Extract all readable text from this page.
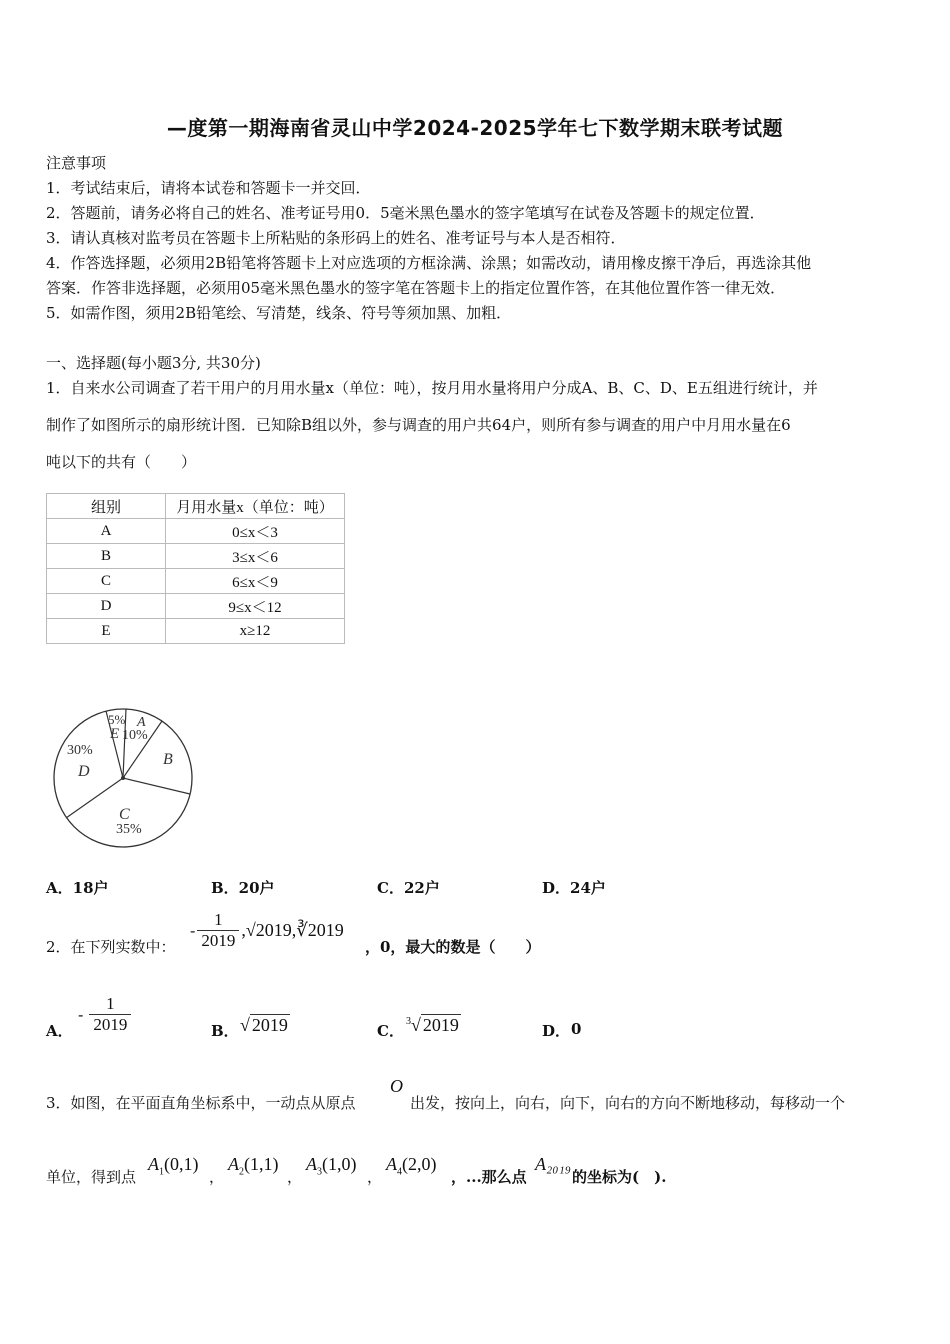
—度第一期海南省灵山中学2024-2025学年七下数学期末联考试题
注意事项
1．考试结束后，请将本试卷和答题卡一并交回．
2．答题前，请务必将自己的姓名、准考证号用0．5毫米黑色墨水的签字笔填写在试卷及答题卡的规定位置．
3．请认真核对监考员在答题卡上所粘贴的条形码上的姓名、准考证号与本人是否相符．
4．作答选择题，必须用2B铅笔将答题卡上对应选项的方框涂满、涂黑；如需改动，请用橡皮擦干净后，再选涂其他
答案．作答非选择题，必须用05毫米黑色墨水的签字笔在答题卡上的指定位置作答，在其他位置作答一律无效．
5．如需作图，须用2B铅笔绘、写清楚，线条、符号等须加黑、加粗．
一、选择题(每小题3分, 共30分)
1．自来水公司调查了若干用户的月用水量x（单位：吨），按月用水量将用户分成A、B、C、D、E五组进行统计，并
制作了如图所示的扇形统计图．已知除B组以外，参与调查的用户共64户，则所有参与调查的用户中月用水量在6
吨以下的共有（　　）
组别	月用水量x（单位：吨）
A	0≤x＜3
B	3≤x＜6
C	6≤x＜9
D	9≤x＜12
E	x≥12
5%
E
A
10%
B
C
35%
D
30%
A．18户	B．20户	C．22户	D．24户
2．在下列实数中：
- $\frac{1}{2019}$ ,√2019,∛2019
，0，最大的数是（　　）
A．
- $\frac{1}{2019}$	B． √ 2019	C．
$^3$√ 2019	D． 0
3．如图，在平面直角坐标系中，一动点从原点
O
出发，按向上，向右，向下，向右的方向不断地移动，每移动一个
单位，得到点
$A_1(0,1)$
，
$A_2(1,1)$
，
$A_3(1,0)$
，
$A_4(2,0)$
，...那么点
A₂₀₁₉
的坐标为(　).
